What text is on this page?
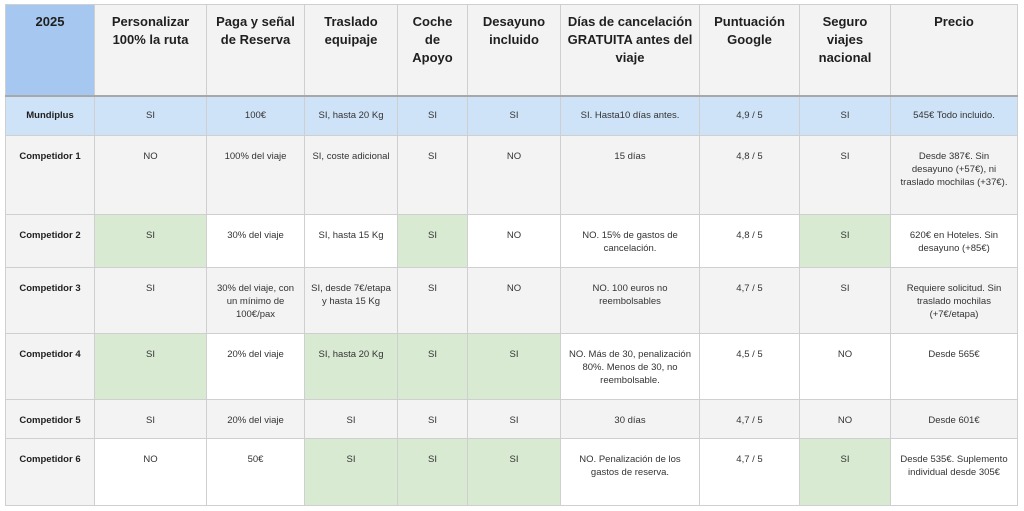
2025	Personalizar 100% la ruta	Paga y señal de Reserva	Traslado equipaje	Coche de Apoyo	Desayuno incluido	Días de cancelación GRATUITA antes del viaje	Puntuación Google	Seguro viajes nacional	Precio
Mundiplus	SI	100€	SI, hasta 20 Kg	SI	SI	SI. Hasta10 días antes.	4,9 / 5	SI	545€ Todo incluido.
Competidor 1	NO	100% del viaje	SI, coste adicional	SI	NO	15 días	4,8 / 5	SI	Desde 387€. Sin desayuno (+57€), ni traslado mochilas (+37€).
Competidor 2	SI	30% del viaje	SI, hasta 15 Kg	SI	NO	NO. 15% de gastos de cancelación.	4,8 / 5	SI	620€ en Hoteles. Sin desayuno (+85€)
Competidor 3	SI	30% del viaje, con un mínimo de 100€/pax	SI, desde 7€/etapa y hasta 15 Kg	SI	NO	NO. 100 euros no reembolsables	4,7 / 5	SI	Requiere solicitud. Sin traslado mochilas (+7€/etapa)
Competidor 4	SI	20% del viaje	SI, hasta 20 Kg	SI	SI	NO. Más de 30, penalización 80%. Menos de 30, no reembolsable.	4,5 / 5	NO	Desde 565€
Competidor 5	SI	20% del viaje	SI	SI	SI	30 días	4,7 / 5	NO	Desde 601€
Competidor 6	NO	50€	SI	SI	SI	NO. Penalización de los gastos de reserva.	4,7 / 5	SI	Desde 535€. Suplemento individual desde 305€
